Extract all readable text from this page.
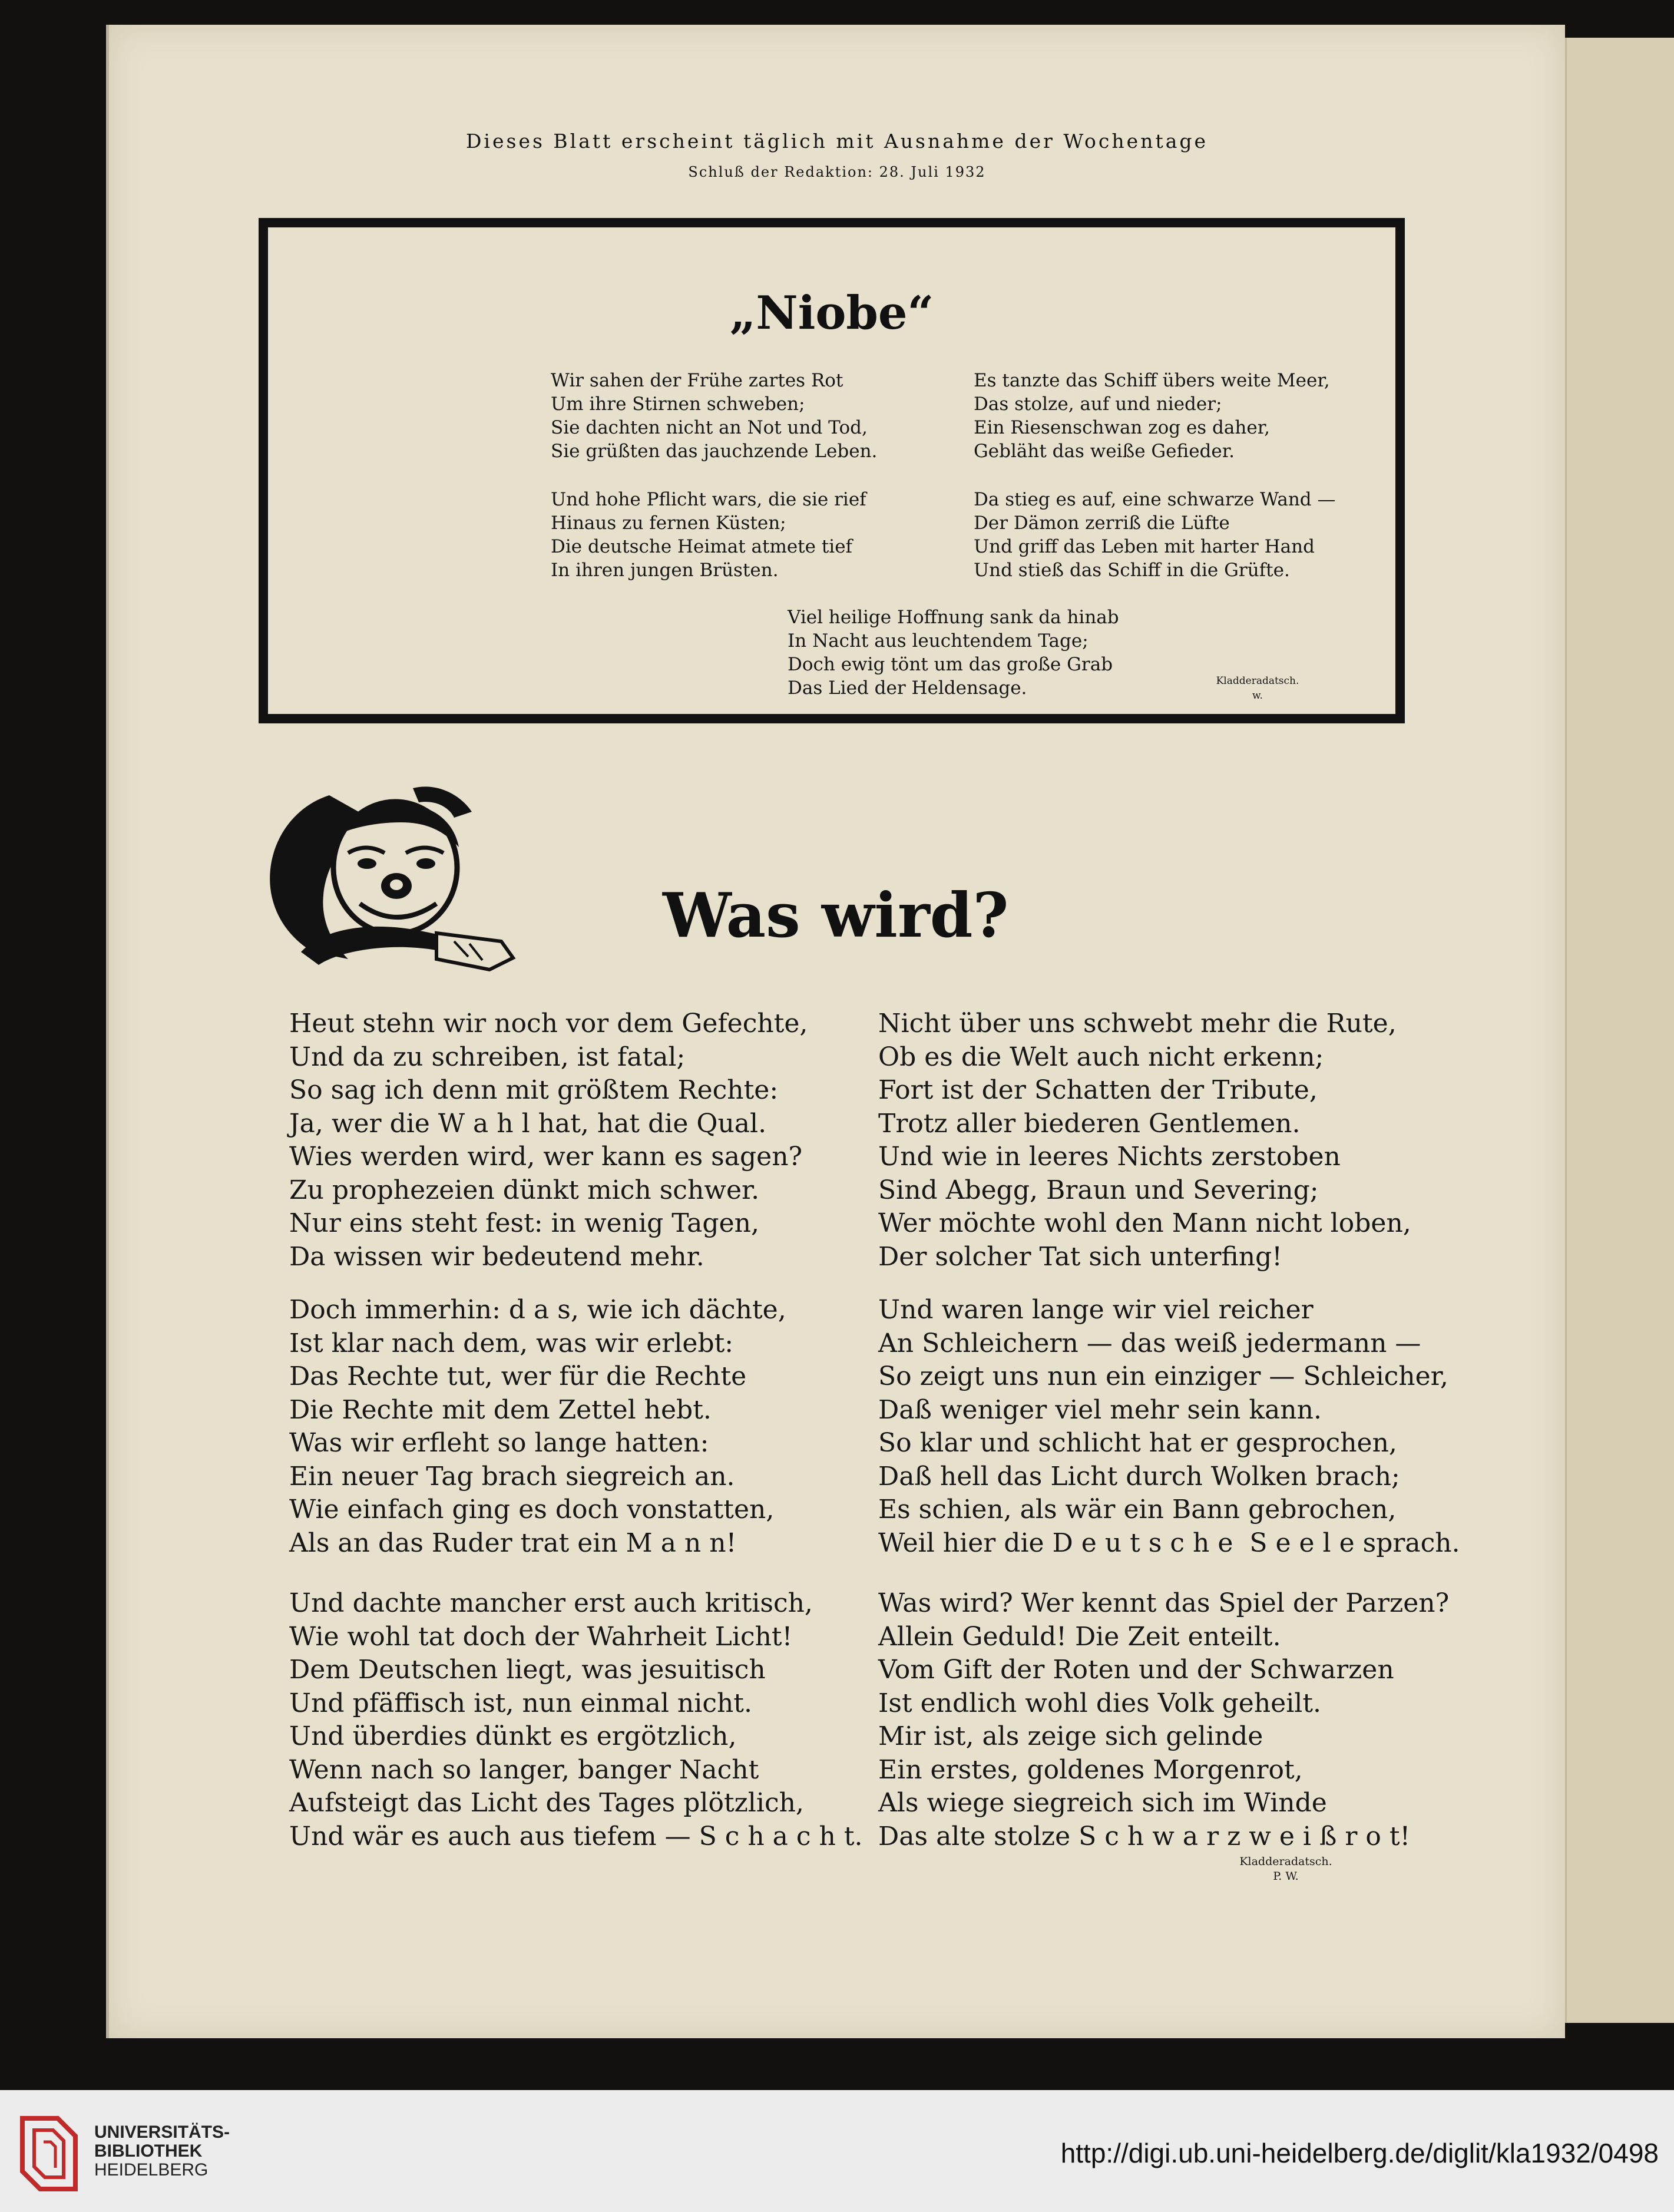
Dieses Blatt erscheint täglich mit Ausnahme der Wochentage
Schluß der Redaktion: 28. Juli 1932
„Niobe“
Wir sahen der Frühe zartes Rot
Um ihre Stirnen schweben;
Sie dachten nicht an Not und Tod,
Sie grüßten das jauchzende Leben.
Und hohe Pflicht wars, die sie rief
Hinaus zu fernen Küsten;
Die deutsche Heimat atmete tief
In ihren jungen Brüsten.
Es tanzte das Schiff übers weite Meer,
Das stolze, auf und nieder;
Ein Riesenschwan zog es daher,
Gebläht das weiße Gefieder.
Da stieg es auf, eine schwarze Wand —
Der Dämon zerriß die Lüfte
Und griff das Leben mit harter Hand
Und stieß das Schiff in die Grüfte.
Viel heilige Hoffnung sank da hinab
In Nacht aus leuchtendem Tage;
Doch ewig tönt um das große Grab
Das Lied der Heldensage.	Kladderadatsch.
w.
Was wird?
Heut stehn wir noch vor dem Gefechte,
Und da zu schreiben, ist fatal;
So sag ich denn mit größtem Rechte:
Ja, wer die W a h l hat, hat die Qual.
Wies werden wird, wer kann es sagen?
Zu prophezeien dünkt mich schwer.
Nur eins steht fest: in wenig Tagen,
Da wissen wir bedeutend mehr.
Doch immerhin: d a s, wie ich dächte,
Ist klar nach dem, was wir erlebt:
Das Rechte tut, wer für die Rechte
Die Rechte mit dem Zettel hebt.
Was wir erfleht so lange hatten:
Ein neuer Tag brach siegreich an.
Wie einfach ging es doch vonstatten,
Als an das Ruder trat ein M a n n!
Und dachte mancher erst auch kritisch,
Wie wohl tat doch der Wahrheit Licht!
Dem Deutschen liegt, was jesuitisch
Und pfäffisch ist, nun einmal nicht.
Und überdies dünkt es ergötzlich,
Wenn nach so langer, banger Nacht
Aufsteigt das Licht des Tages plötzlich,
Und wär es auch aus tiefem — S c h a c h t.
Nicht über uns schwebt mehr die Rute,
Ob es die Welt auch nicht erkenn;
Fort ist der Schatten der Tribute,
Trotz aller biederen Gentlemen.
Und wie in leeres Nichts zerstoben
Sind Abegg, Braun und Severing;
Wer möchte wohl den Mann nicht loben,
Der solcher Tat sich unterfing!
Und waren lange wir viel reicher
An Schleichern — das weiß jedermann —
So zeigt uns nun ein einziger — Schleicher,
Daß weniger viel mehr sein kann.
So klar und schlicht hat er gesprochen,
Daß hell das Licht durch Wolken brach;
Es schien, als wär ein Bann gebrochen,
Weil hier die D e u t s c h e  S e e l e sprach.
Was wird? Wer kennt das Spiel der Parzen?
Allein Geduld! Die Zeit enteilt.
Vom Gift der Roten und der Schwarzen
Ist endlich wohl dies Volk geheilt.
Mir ist, als zeige sich gelinde
Ein erstes, goldenes Morgenrot,
Als wiege siegreich sich im Winde
Das alte stolze S c h w a r z w e i ß r o t!
Kladderadatsch.
P. W.
UNIVERSITÄTS-
BIBLIOTHEK
HEIDELBERG
http://digi.ub.uni-heidelberg.de/diglit/kla1932/0498
